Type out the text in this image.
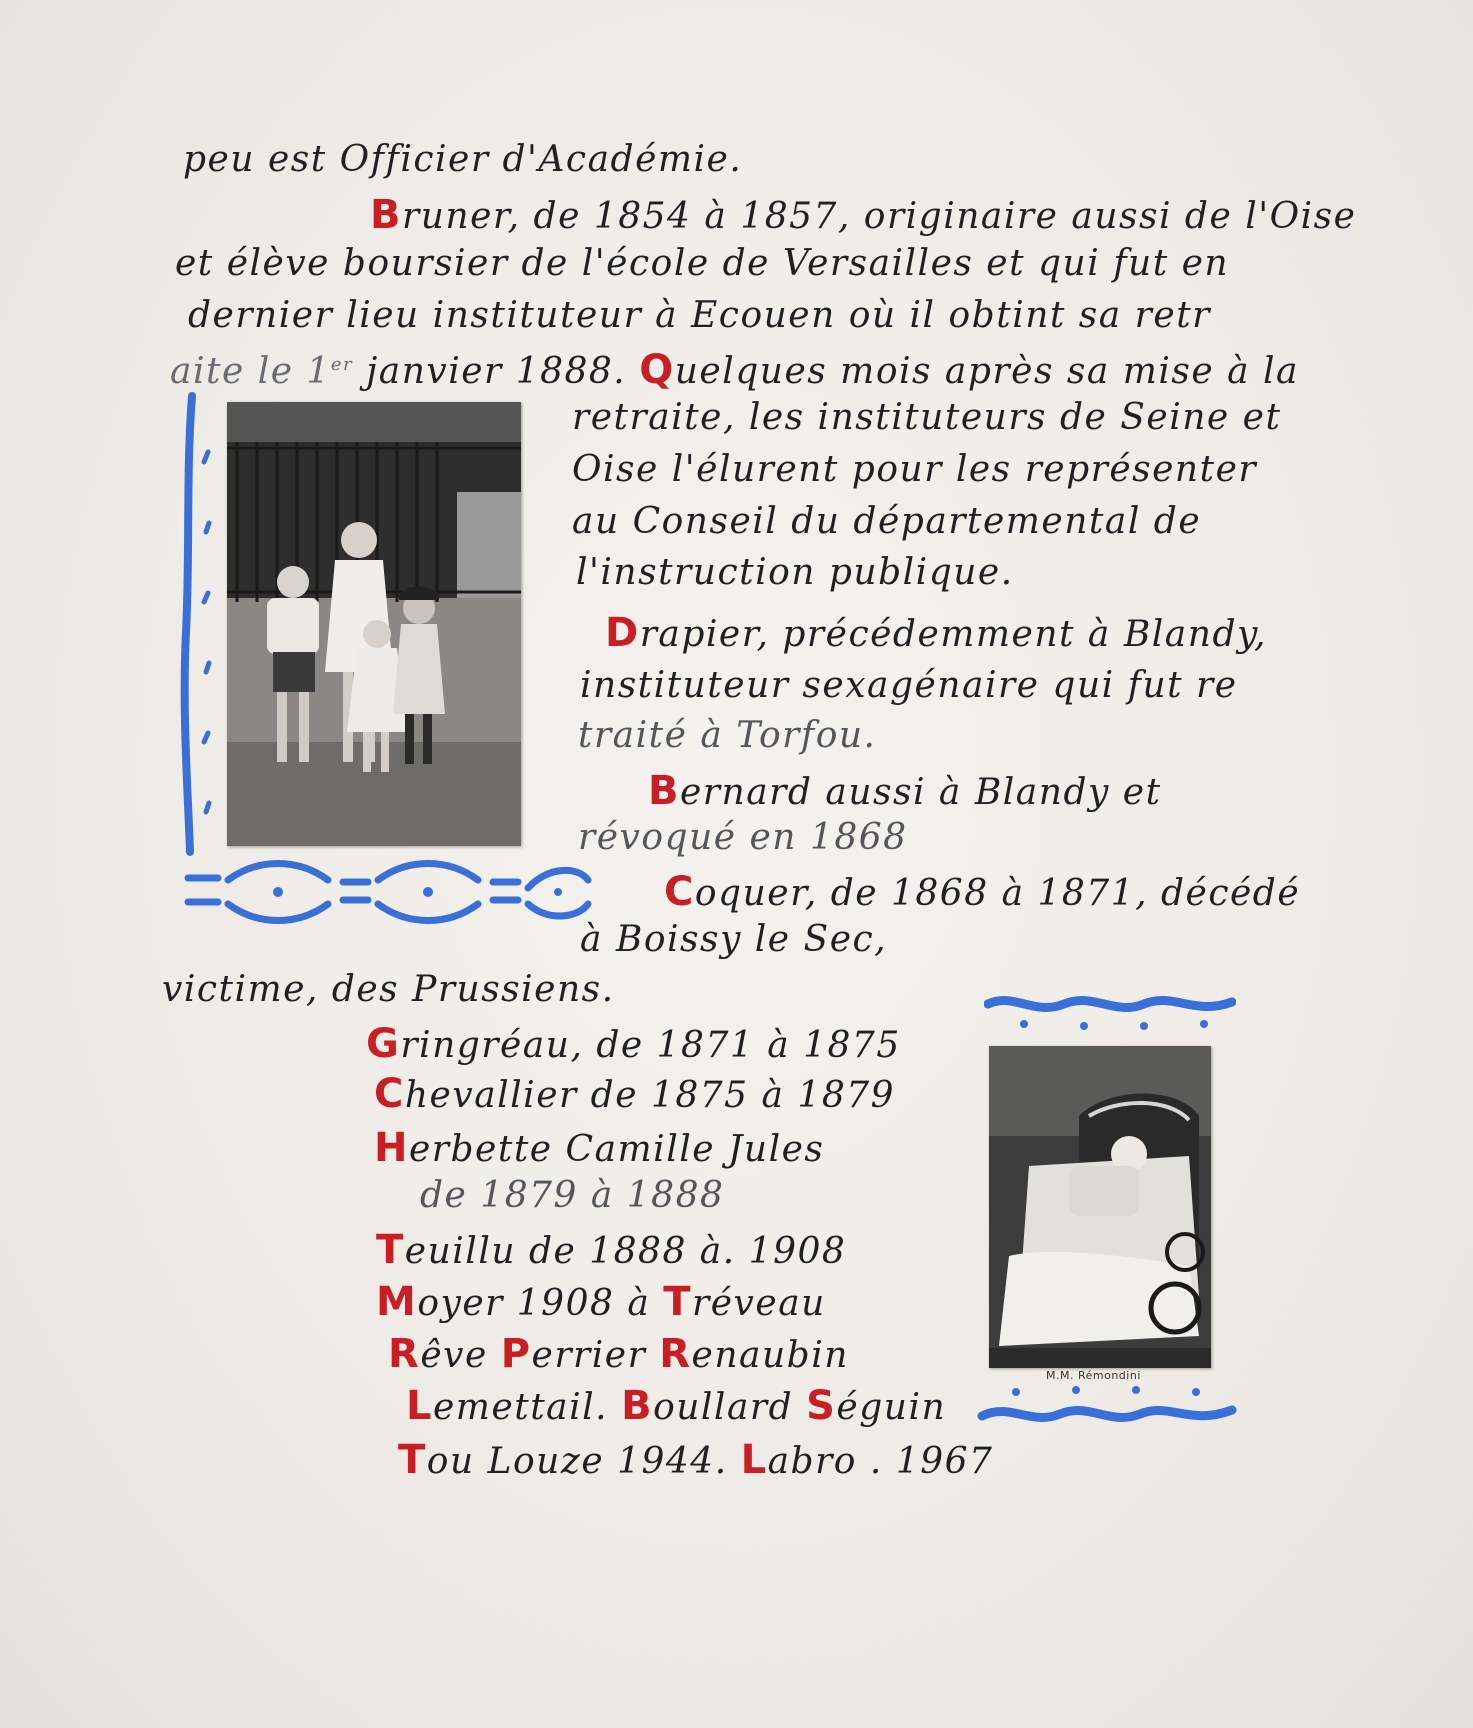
peu est Officier d'Académie.
Bruner, de 1854 à 1857, originaire aussi de l'Oise
et élève boursier de l'école de Versailles et qui fut en
dernier lieu instituteur à Ecouen où il obtint sa retr
aite le 1er janvier 1888. Quelques mois après sa mise à la
retraite, les instituteurs de Seine et
Oise l'élurent pour les représenter
au Conseil du départemental de
l'instruction publique.
Drapier, précédemment à Blandy,
instituteur sexagénaire qui fut re
traité à Torfou.
Bernard aussi à Blandy et
révoqué en 1868
Coquer, de 1868 à 1871, décédé
à Boissy le Sec,
victime, des Prussiens.
Gringréau, de 1871 à 1875
Chevallier de 1875 à 1879
Herbette Camille Jules
de 1879 à 1888
Teuillu de 1888 à. 1908
Moyer 1908 à Tréveau
Rêve Perrier Renaubin
Lemettail. Boullard Séguin
Tou Louze 1944. Labro . 1967
M.M. Rémondini
